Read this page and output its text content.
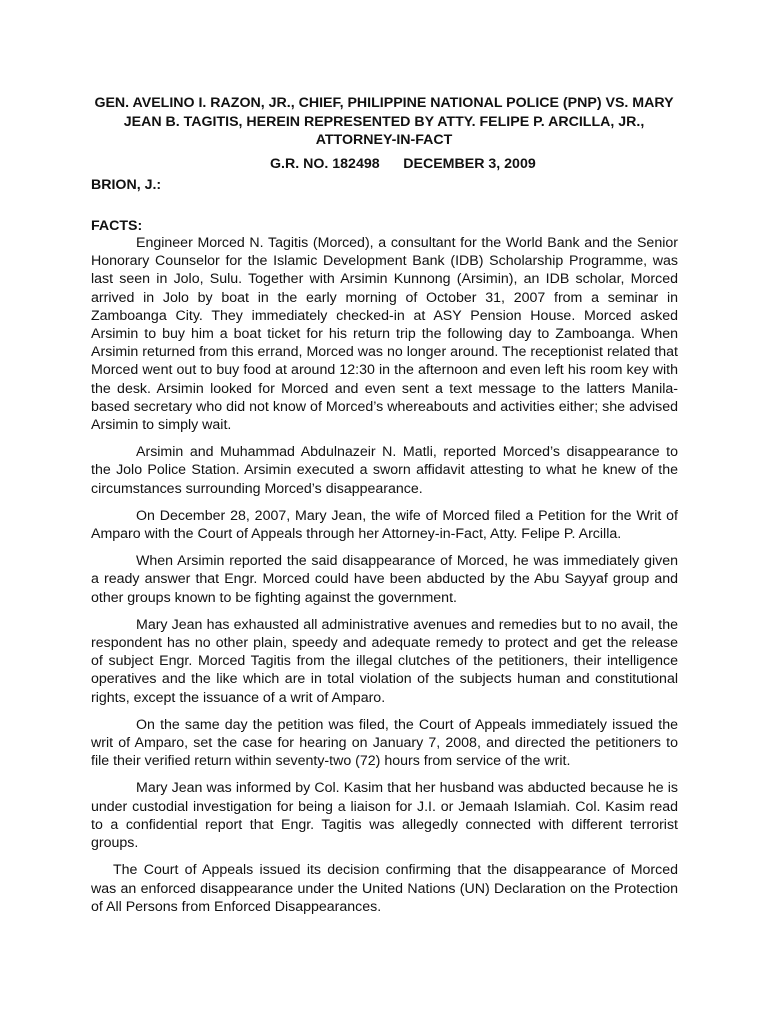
GEN. AVELINO I. RAZON, JR., CHIEF, PHILIPPINE NATIONAL POLICE (PNP) VS. MARY JEAN B. TAGITIS, HEREIN REPRESENTED BY ATTY. FELIPE P. ARCILLA, JR., ATTORNEY-IN-FACT
G.R. NO. 182498      DECEMBER 3, 2009
BRION, J.:
FACTS:

Engineer Morced N. Tagitis (Morced), a consultant for the World Bank and the Senior Honorary Counselor for the Islamic Development Bank (IDB) Scholarship Programme, was last seen in Jolo, Sulu. Together with Arsimin Kunnong (Arsimin), an IDB scholar, Morced arrived in Jolo by boat in the early morning of October 31, 2007 from a seminar in Zamboanga City. They immediately checked-in at ASY Pension House. Morced asked Arsimin to buy him a boat ticket for his return trip the following day to Zamboanga. When Arsimin returned from this errand, Morced was no longer around. The receptionist related that Morced went out to buy food at around 12:30 in the afternoon and even left his room key with the desk. Arsimin looked for Morced and even sent a text message to the latters Manila-based secretary who did not know of Morced’s whereabouts and activities either; she advised Arsimin to simply wait.

Arsimin and Muhammad Abdulnazeir N. Matli, reported Morced’s disappearance to the Jolo Police Station. Arsimin executed a sworn affidavit attesting to what he knew of the circumstances surrounding Morced’s disappearance.

On December 28, 2007, Mary Jean, the wife of Morced filed a Petition for the Writ of Amparo with the Court of Appeals through her Attorney-in-Fact, Atty. Felipe P. Arcilla.

When Arsimin reported the said disappearance of Morced, he was immediately given a ready answer that Engr. Morced could have been abducted by the Abu Sayyaf group and other groups known to be fighting against the government.

Mary Jean has exhausted all administrative avenues and remedies but to no avail, the respondent has no other plain, speedy and adequate remedy to protect and get the release of subject Engr. Morced Tagitis from the illegal clutches of the petitioners, their intelligence operatives and the like which are in total violation of the subjects human and constitutional rights, except the issuance of a writ of Amparo.

On the same day the petition was filed, the Court of Appeals immediately issued the writ of Amparo, set the case for hearing on January 7, 2008, and directed the petitioners to file their verified return within seventy-two (72) hours from service of the writ.

Mary Jean was informed by Col. Kasim that her husband was abducted because he is under custodial investigation for being a liaison for J.I. or Jemaah Islamiah. Col. Kasim read to a confidential report that Engr. Tagitis was allegedly connected with different terrorist groups.

The Court of Appeals issued its decision confirming that the disappearance of Morced was an enforced disappearance under the United Nations (UN) Declaration on the Protection of All Persons from Enforced Disappearances.
